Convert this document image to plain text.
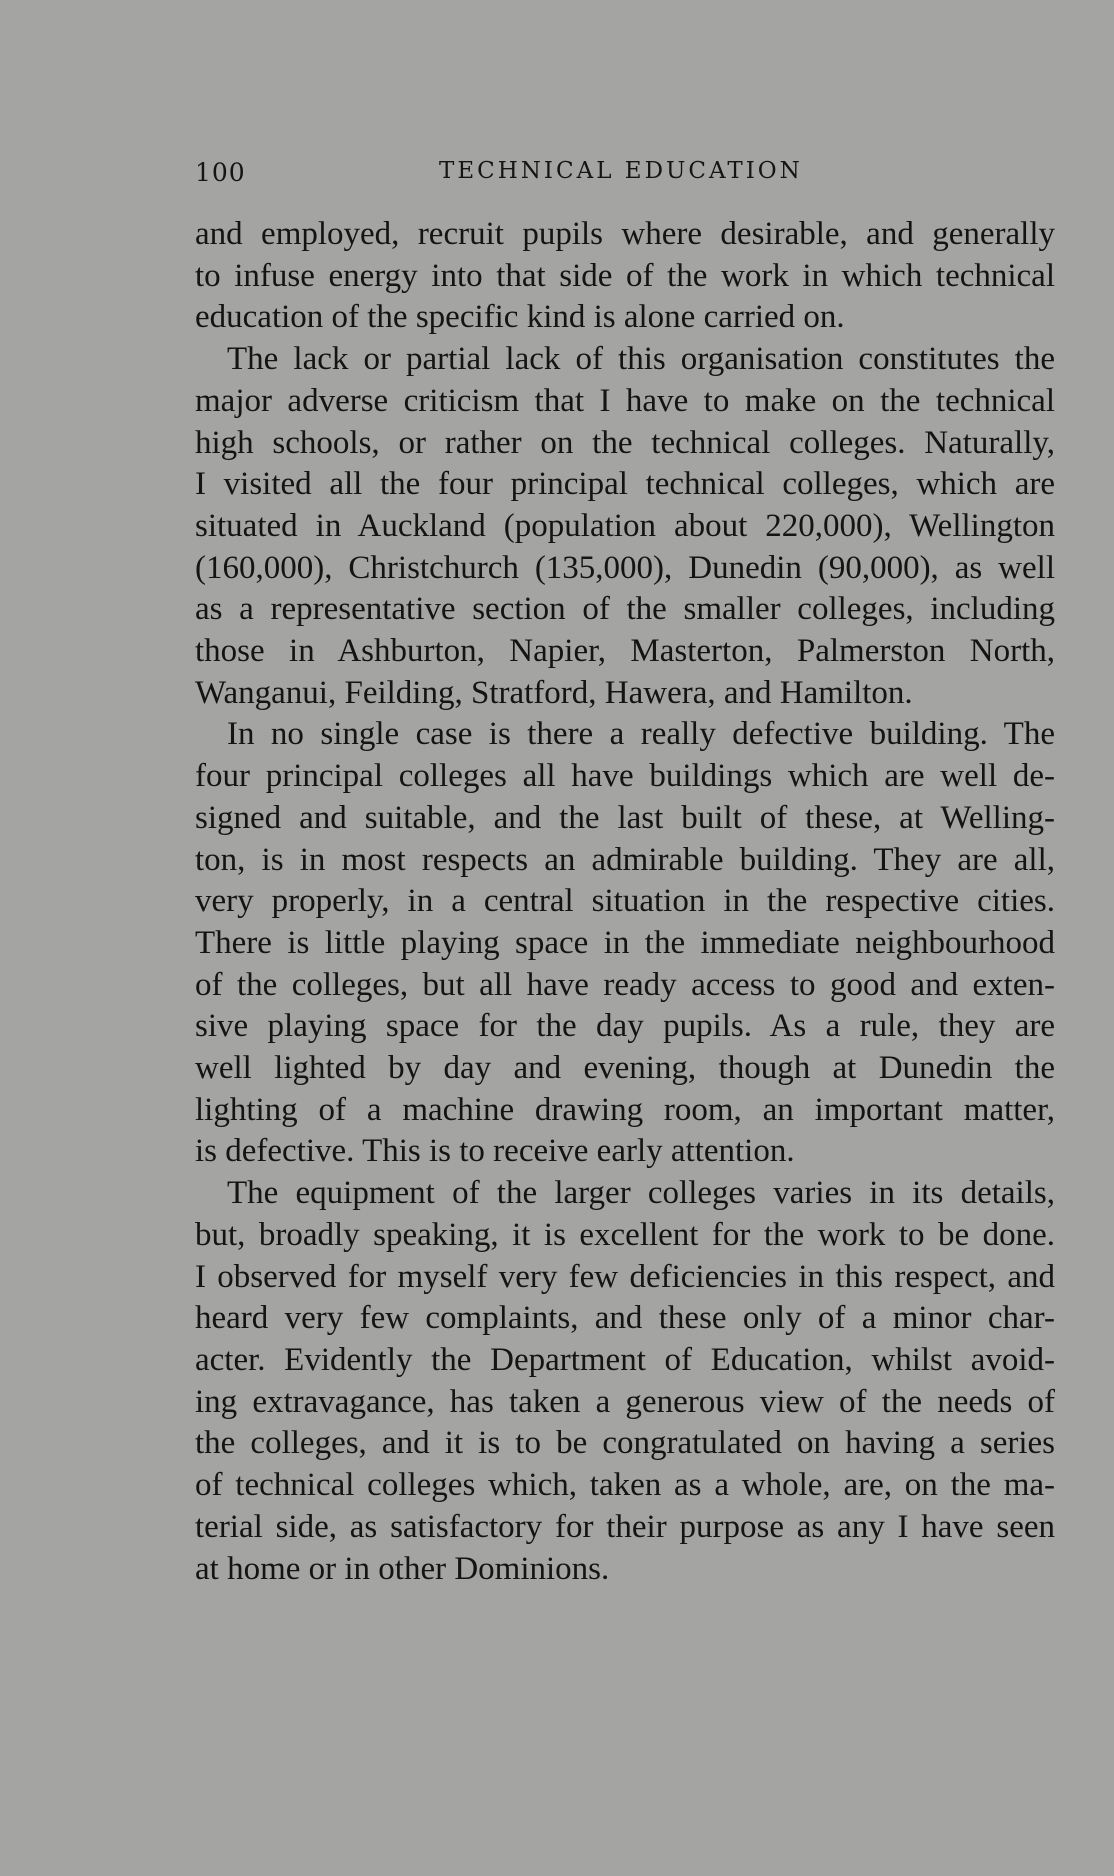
100	TECHNICAL EDUCATION
and employed, recruit pupils where desirable, and generally
to infuse energy into that side of the work in which technical
education of the specific kind is alone carried on.
The lack or partial lack of this organisation constitutes the
major adverse criticism that I have to make on the technical
high schools, or rather on the technical colleges. Naturally,
I visited all the four principal technical colleges, which are
situated in Auckland (population about 220,000), Wellington
(160,000), Christchurch (135,000), Dunedin (90,000), as well
as a representative section of the smaller colleges, including
those in Ashburton, Napier, Masterton, Palmerston North,
Wanganui, Feilding, Stratford, Hawera, and Hamilton.
In no single case is there a really defective building. The
four principal colleges all have buildings which are well de-
signed and suitable, and the last built of these, at Welling-
ton, is in most respects an admirable building. They are all,
very properly, in a central situation in the respective cities.
There is little playing space in the immediate neighbourhood
of the colleges, but all have ready access to good and exten-
sive playing space for the day pupils. As a rule, they are
well lighted by day and evening, though at Dunedin the
lighting of a machine drawing room, an important matter,
is defective. This is to receive early attention.
The equipment of the larger colleges varies in its details,
but, broadly speaking, it is excellent for the work to be done.
I observed for myself very few deficiencies in this respect, and
heard very few complaints, and these only of a minor char-
acter. Evidently the Department of Education, whilst avoid-
ing extravagance, has taken a generous view of the needs of
the colleges, and it is to be congratulated on having a series
of technical colleges which, taken as a whole, are, on the ma-
terial side, as satisfactory for their purpose as any I have seen
at home or in other Dominions.
